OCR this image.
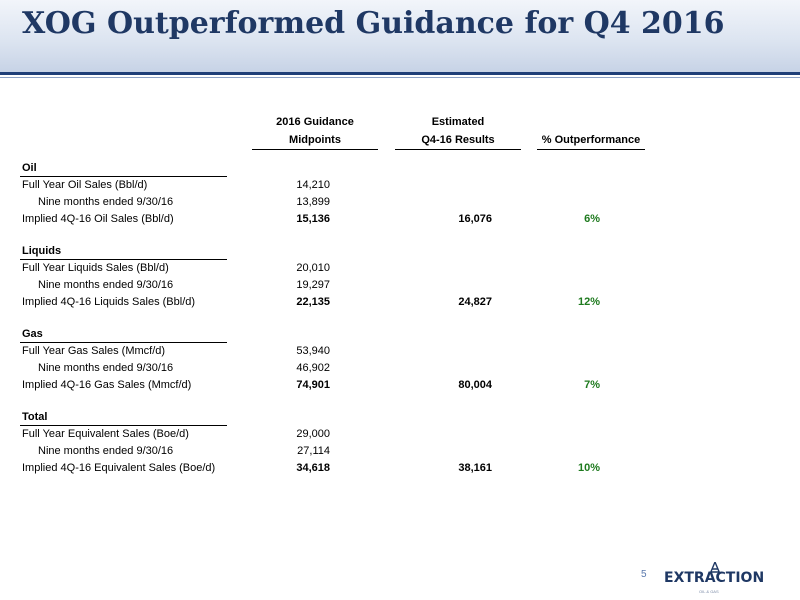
XOG Outperformed Guidance for Q4 2016
2016 Guidance
Midpoints
Estimated
Q4-16 Results	% Outperformance
Oil
Full Year Oil Sales (Bbl/d)	14,210
Nine months ended 9/30/16	13,899
Implied 4Q-16 Oil Sales (Bbl/d)	15,136	16,076	6%
Liquids
Full Year Liquids Sales (Bbl/d)	20,010
Nine months ended 9/30/16	19,297
Implied 4Q-16 Liquids Sales (Bbl/d)	22,135	24,827	12%
Gas
Full Year Gas Sales (Mmcf/d)	53,940
Nine months ended 9/30/16	46,902
Implied 4Q-16 Gas Sales (Mmcf/d)	74,901	80,004	7%
Total
Full Year Equivalent Sales (Boe/d)	29,000
Nine months ended 9/30/16	27,114
Implied 4Q-16 Equivalent Sales (Boe/d)	34,618	38,161	10%
5 EXTRACTION
OIL & GAS
